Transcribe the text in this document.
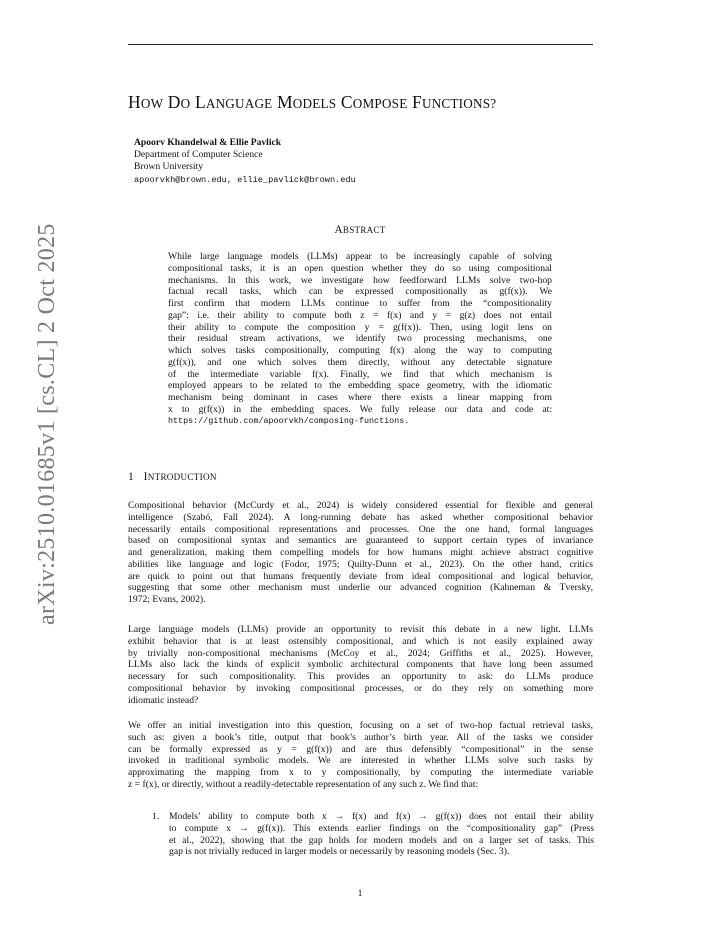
arXiv:2510.01685v1 [cs.CL] 2 Oct 2025
HOW DO LANGUAGE MODELS COMPOSE FUNCTIONS?
Apoorv Khandelwal & Ellie Pavlick
Department of Computer Science
Brown University
apoorvkh@brown.edu, ellie_pavlick@brown.edu
ABSTRACT
While large language models (LLMs) appear to be increasingly capable of solving
compositional tasks, it is an open question whether they do so using compositional
mechanisms. In this work, we investigate how feedforward LLMs solve two-hop
factual recall tasks, which can be expressed compositionally as g(f(x)). We
first confirm that modern LLMs continue to suffer from the “compositionality
gap”: i.e. their ability to compute both z = f(x) and y = g(z) does not entail
their ability to compute the composition y = g(f(x)). Then, using logit lens on
their residual stream activations, we identify two processing mechanisms, one
which solves tasks compositionally, computing f(x) along the way to computing
g(f(x)), and one which solves them directly, without any detectable signature
of the intermediate variable f(x). Finally, we find that which mechanism is
employed appears to be related to the embedding space geometry, with the idiomatic
mechanism being dominant in cases where there exists a linear mapping from
x to g(f(x)) in the embedding spaces. We fully release our data and code at:
https://github.com/apoorvkh/composing-functions.
1   INTRODUCTION
Compositional behavior (McCurdy et al., 2024) is widely considered essential for flexible and general
intelligence (Szabó, Fall 2024). A long-running debate has asked whether compositional behavior
necessarily entails compositional representations and processes. One the one hand, formal languages
based on compositional syntax and semantics are guaranteed to support certain types of invariance
and generalization, making them compelling models for how humans might achieve abstract cognitive
abilities like language and logic (Fodor, 1975; Quilty-Dunn et al., 2023). On the other hand, critics
are quick to point out that humans frequently deviate from ideal compositional and logical behavior,
suggesting that some other mechanism must underlie our advanced cognition (Kahneman & Tversky,
1972; Evans, 2002).
Large language models (LLMs) provide an opportunity to revisit this debate in a new light. LLMs
exhibit behavior that is at least ostensibly compositional, and which is not easily explained away
by trivially non-compositional mechanisms (McCoy et al., 2024; Griffiths et al., 2025). However,
LLMs also lack the kinds of explicit symbolic architectural components that have long been assumed
necessary for such compositionality. This provides an opportunity to ask: do LLMs produce
compositional behavior by invoking compositional processes, or do they rely on something more
idiomatic instead?
We offer an initial investigation into this question, focusing on a set of two-hop factual retrieval tasks,
such as: given a book’s title, output that book’s author’s birth year. All of the tasks we consider
can be formally expressed as y = g(f(x)) and are thus defensibly “compositional” in the sense
invoked in traditional symbolic models. We are interested in whether LLMs solve such tasks by
approximating the mapping from x to y compositionally, by computing the intermediate variable
z = f(x), or directly, without a readily-detectable representation of any such z. We find that:
1. Models’ ability to compute both x → f(x) and f(x) → g(f(x)) does not entail their ability
to compute x → g(f(x)). This extends earlier findings on the “compositionality gap” (Press
et al., 2022), showing that the gap holds for modern models and on a larger set of tasks. This
gap is not trivially reduced in larger models or necessarily by reasoning models (Sec. 3).
1
